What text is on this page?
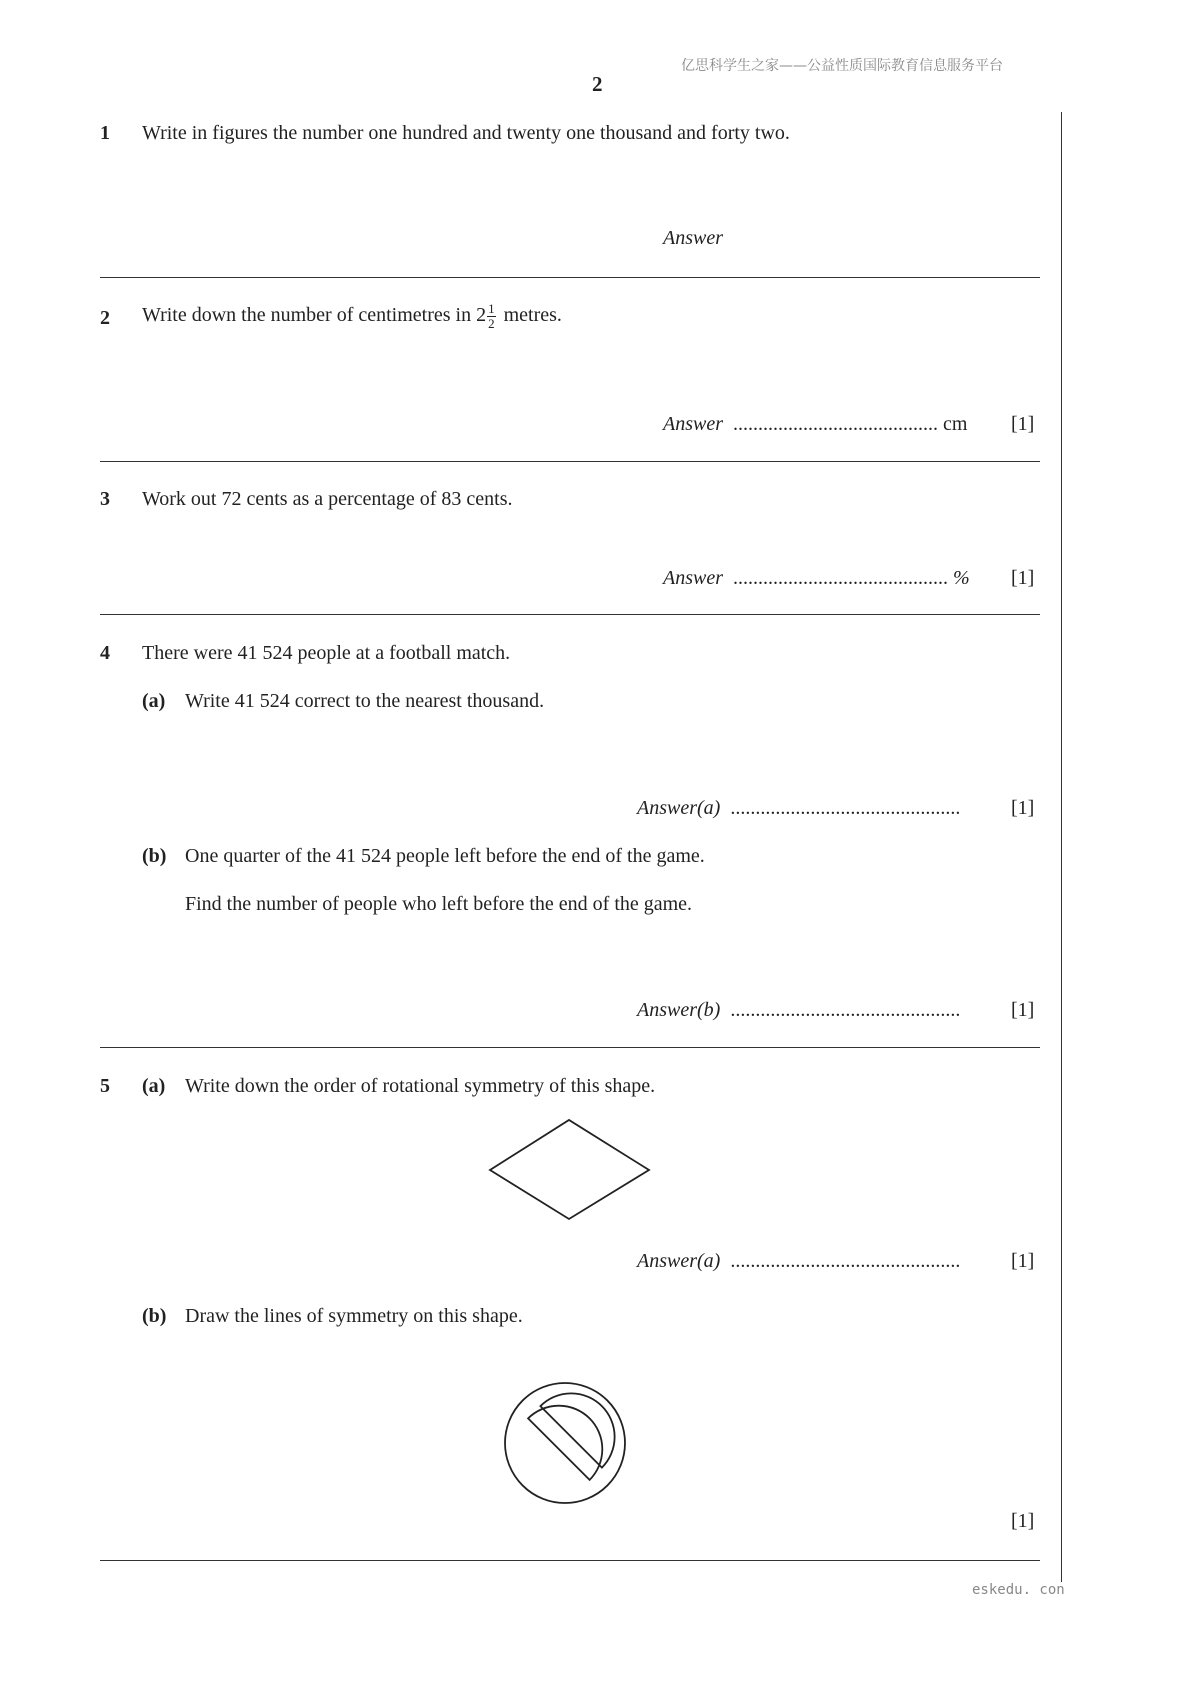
亿思科学生之家——公益性质国际教育信息服务平台
2
1 Write in figures the number one hundred and twenty one thousand and forty two.
Answer
2 Write down the number of centimetres in $2 \frac{1}{2}$ metres.
Answer ......................................... cm [1]
3 Work out 72 cents as a percentage of 83 cents.
Answer ........................................... % [1]
4 There were 41 524 people at a football match.
(a) Write 41 524 correct to the nearest thousand.
Answer(a) ..............................................	[1]
(b) One quarter of the 41 524 people left before the end of the game.
Find the number of people who left before the end of the game.
Answer(b) ..............................................	[1]
5 (a) Write down the order of rotational symmetry of this shape.
Answer(a) ..............................................	[1]
(b) Draw the lines of symmetry on this shape.
[1]
eskedu. con
